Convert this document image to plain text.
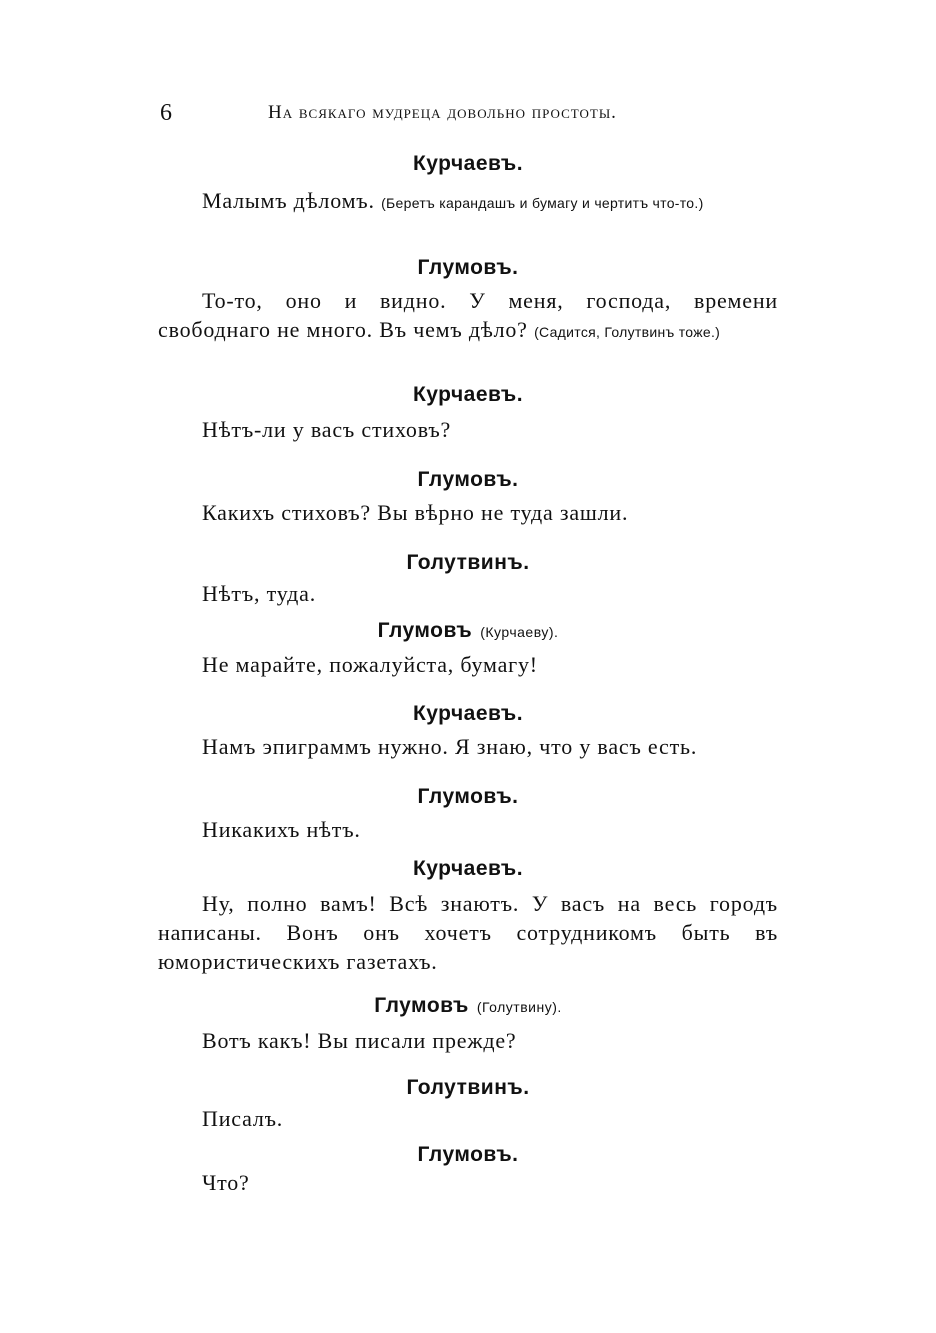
6	На всякаго мудреца довольно простоты.
Курчаевъ.
Малымъ дѣломъ. (Беретъ карандашъ и бумагу и чертитъ что-то.)
Глумовъ.
То-то, оно и видно. У меня, господа, времени свободнаго не много. Въ чемъ дѣло? (Садится, Голутвинъ тоже.)
Курчаевъ.
Нѣтъ-ли у васъ стиховъ?
Глумовъ.
Какихъ стиховъ? Вы вѣрно не туда зашли.
Голутвинъ.
Нѣтъ, туда.
Глумовъ (Курчаеву).
Не марайте, пожалуйста, бумагу!
Курчаевъ.
Намъ эпиграммъ нужно. Я знаю, что у васъ есть.
Глумовъ.
Никакихъ нѣтъ.
Курчаевъ.
Ну, полно вамъ! Всѣ знаютъ. У васъ на весь городъ написаны. Вонъ онъ хочетъ сотрудникомъ быть въ юмористическихъ газетахъ.
Глумовъ (Голутвину).
Вотъ какъ! Вы писали прежде?
Голутвинъ.
Писалъ.
Глумовъ.
Что?
